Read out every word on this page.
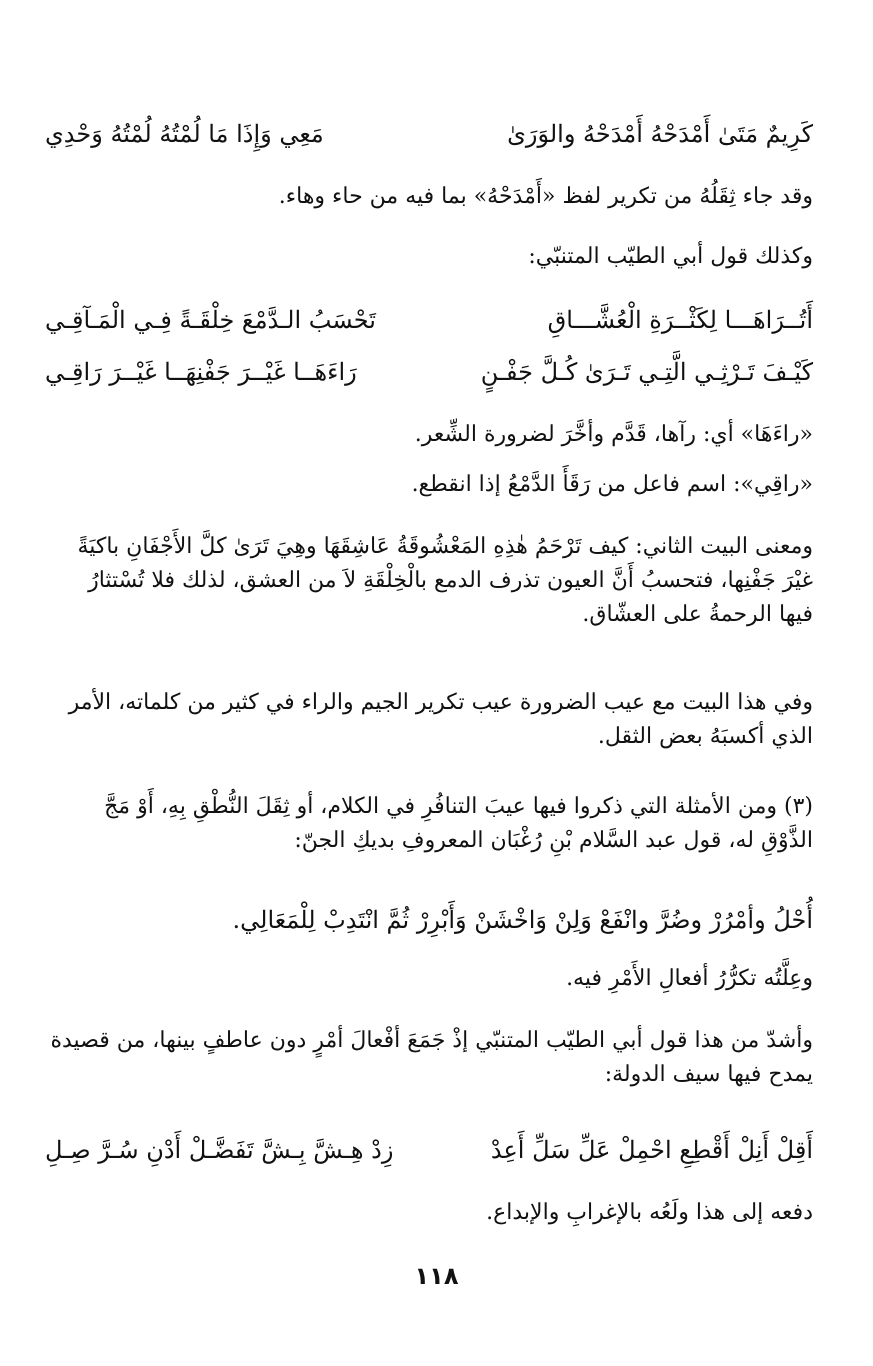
كَرِيمٌ مَتَىٰ أَمْدَحْهُ أَمْدَحْهُ والوَرَىٰ
مَعِي وَإِذَا مَا لُمْتُهُ لُمْتُهُ وَحْدِي

وقد جاء ثِقَلُهُ من تكرير لفظ «أَمْدَحْهُ» بما فيه من حاء وهاء.

وكذلك قول أبي الطيّب المتنبّي:

أَتُــرَاهَـــا لِكَثْــرَةِ الْعُشَّـــاقِ
تَحْسَبُ الـدَّمْعَ خِلْقَـةً فِـي الْمَـآقِـي
كَيْـفَ تَـرْثِـي الَّتِـي تَـرَىٰ كُـلَّ جَفْـنٍ
رَاءَهَــا غَيْــرَ جَفْنِهَــا غَيْــرَ رَاقِـي

«راءَهَا» أي: رآها، قَدَّم وأخَّرَ لضرورة الشِّعر.

«راقِي»: اسم فاعل من رَقَأَ الدَّمْعُ إذا انقطع.

ومعنى البيت الثاني: كيف تَرْحَمُ هٰذِهِ المَعْشُوقَةُ عَاشِقَهَا وهِيَ تَرَىٰ كلَّ الأَجْفَانِ باكيَةً غيْرَ جَفْنِها، فتحسبُ أَنَّ العيون تذرف الدمع بالْخِلْقَةِ لاَ من العشق، لذلك فلا تُسْتثارُ فيها الرحمةُ على العشّاق.

وفي هذا البيت مع عيب الضرورة عيب تكرير الجيم والراء في كثير من كلماته، الأمر الذي أكسبَهُ بعض الثقل.

(٣) ومن الأمثلة التي ذكروا فيها عيبَ التنافُرِ في الكلام، أو ثِقَلَ النُّطْقِ بِهِ، أَوْ مَجَّ الذَّوْقِ له، قول عبد السَّلام بْنِ رُغْبَان المعروفِ بديكِ الجنّ:

أُحْلُ وأمْرُرْ وضُرَّ وانْفَعْ وَلِنْ وَاخْشَنْ وَأَبْرِرْ ثُمَّ انْتَدِبْ لِلْمَعَالِي.

وعِلَّتُه تكرُّرُ أفعالِ الأَمْرِ فيه.

وأشدّ من هذا قول أبي الطيّب المتنبّي إذْ جَمَعَ أفْعالَ أمْرٍ دون عاطفٍ بينها، من قصيدة يمدح فيها سيف الدولة:

أَقِلْ أَنِلْ أَقْطِعِ احْمِلْ عَلِّ سَلِّ أَعِدْ
زِدْ هِـشَّ بِـشَّ تَفَضَّـلْ أَدْنِ سُـرَّ صِـلِ

دفعه إلى هذا ولَعُه بالإغرابِ والإبداع.

١١٨
